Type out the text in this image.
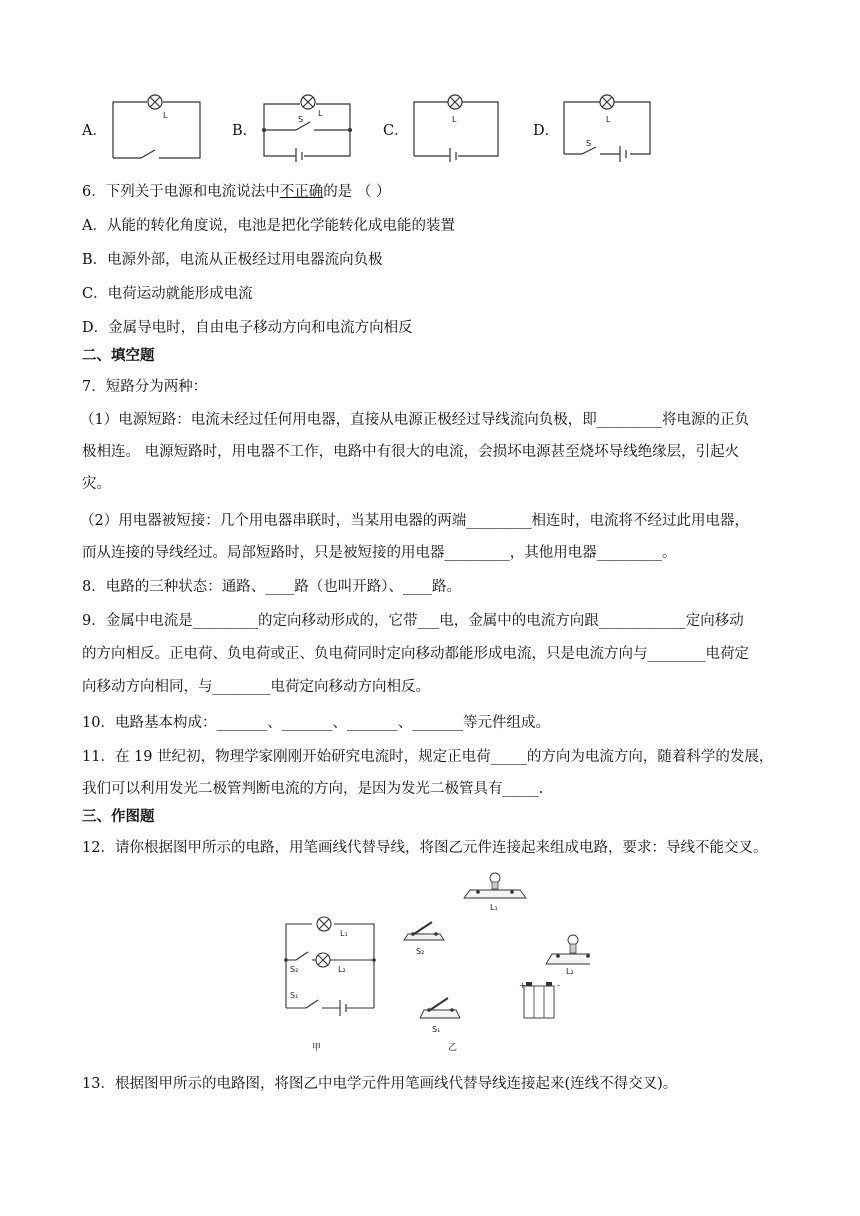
A．
L
B．
S
L
C．
L
D．
S
L
6．下列关于电源和电流说法中不正确的是 （ ）
A．从能的转化角度说，电池是把化学能转化成电能的装置
B．电源外部，电流从正极经过用电器流向负极
C．电荷运动就能形成电流
D．金属导电时，自由电子移动方向和电流方向相反
二、填空题
7．短路分为两种：
（1）电源短路：电流未经过任何用电器，直接从电源正极经过导线流向负极，即_________将电源的正负
极相连。 电源短路时，用电器不工作，电路中有很大的电流，会损坏电源甚至烧坏导线绝缘层，引起火
灾。
（2）用电器被短接：几个用电器串联时，当某用电器的两端_________相连时，电流将不经过此用电器，
而从连接的导线经过。局部短路时，只是被短接的用电器_________，其他用电器_________。
8．电路的三种状态：通路、____路（也叫开路）、____路。
9．金属中电流是_________的定向移动形成的，它带___电，金属中的电流方向跟____________定向移动
的方向相反。正电荷、负电荷或正、负电荷同时定向移动都能形成电流，只是电流方向与________电荷定
向移动方向相同，与________电荷定向移动方向相反。
10．电路基本构成：_______、_______、_______、_______等元件组成。
11．在 19 世纪初，物理学家刚刚开始研究电流时，规定正电荷_____的方向为电流方向，随着科学的发展，
我们可以利用发光二极管判断电流的方向，是因为发光二极管具有_____.
三、作图题
12．请你根据图甲所示的电路，用笔画线代替导线，将图乙元件连接起来组成电路，要求：导线不能交叉。
L₁
S₂	L₂
S₁
甲
L₁
S₂
L₂
S₁
+	-
乙
13．根据图甲所示的电路图，将图乙中电学元件用笔画线代替导线连接起来(连线不得交叉)。
